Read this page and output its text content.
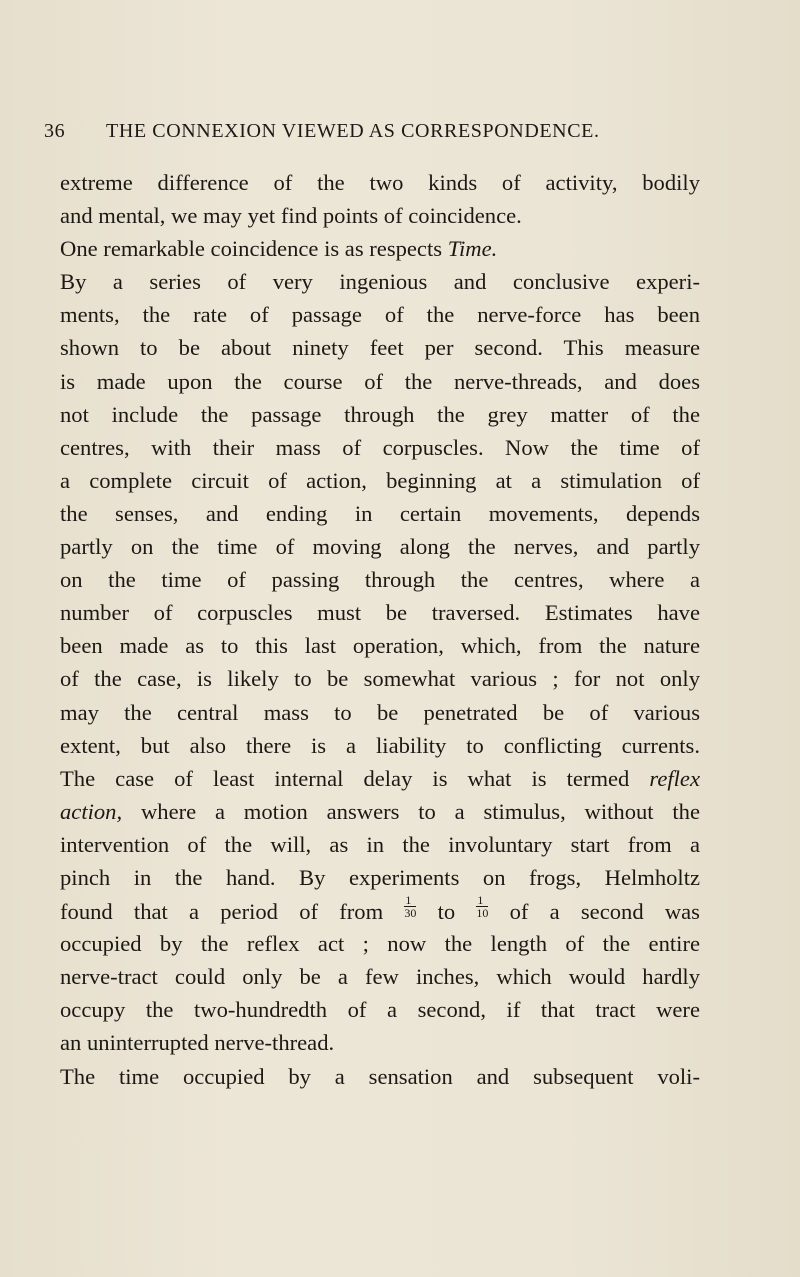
36 THE CONNEXION VIEWED AS CORRESPONDENCE.
extreme difference of the two kinds of activity, bodily
and mental, we may yet find points of coincidence.
One remarkable coincidence is as respects Time.
By a series of very ingenious and conclusive experi-
ments, the rate of passage of the nerve-force has been
shown to be about ninety feet per second. This measure
is made upon the course of the nerve-threads, and does
not include the passage through the grey matter of the
centres, with their mass of corpuscles. Now the time of
a complete circuit of action, beginning at a stimulation of
the senses, and ending in certain movements, depends
partly on the time of moving along the nerves, and partly
on the time of passing through the centres, where a
number of corpuscles must be traversed. Estimates have
been made as to this last operation, which, from the nature
of the case, is likely to be somewhat various ; for not only
may the central mass to be penetrated be of various
extent, but also there is a liability to conflicting currents.
The case of least internal delay is what is termed reflex
action, where a motion answers to a stimulus, without the
intervention of the will, as in the involuntary start from a
pinch in the hand. By experiments on frogs, Helmholtz
found that a period of from $\frac{1}{30}$ to $\frac{1}{10}$ of a second was
occupied by the reflex act ; now the length of the entire
nerve-tract could only be a few inches, which would hardly
occupy the two-hundredth of a second, if that tract were
an uninterrupted nerve-thread.
The time occupied by a sensation and subsequent voli-
